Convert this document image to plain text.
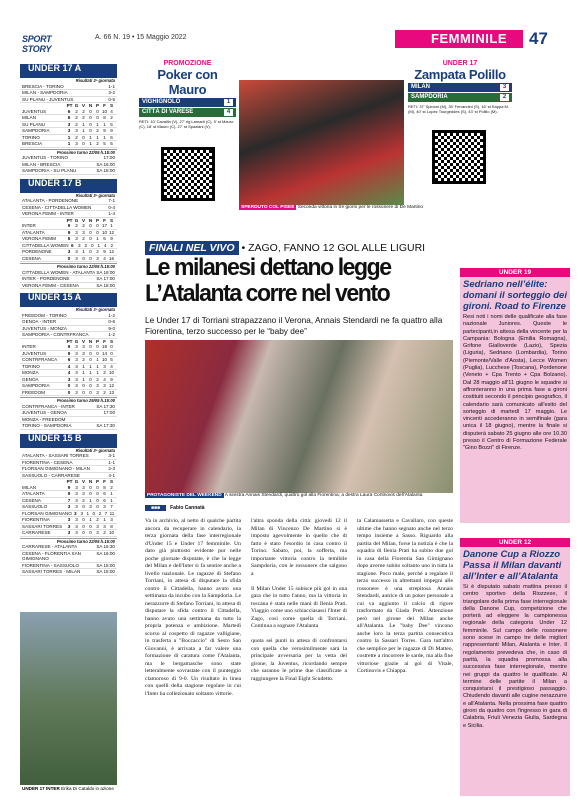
SPORT STORY
A. 66 N. 19 • 15 Maggio 2022	FEMMINILE	47
UNDER 17 A
Risultati 3ª giornata
BRESCIA - TORINO	1-1
MILAN - SAMPDORIA	3-2
SU PLANU - JUVENTUS	0-5
PT G V N P F S
JUVENTUS	6	2 2 0 0 10 4
MILAN	6	2 2 0 0 8 2
SU PLANU	3	2 1 0 1 1 5
SAMPDORIA	3	3 1 0 2 9 9
TORINO	1	2 0 1 1 1 6
BRESCIA	1	3 0 1 2 5 5
Prossimo turno 22/05 h.15:00
JUVENTUS - TORINO	17:00
MILAN - BRESCIA	SA 16:00
SAMPDORIA - SU PLANU	SA 15:00
UNDER 17 B
Risultati 3ª giornata
ATALANTA - PORDENONE	7-1
CESENA - CITTADELLA WOMEN	0-4
VERONA FEMM - INTER	1-4
PT G V N P F S
INTER	9	2 2 0 0 17 1
ATALANTA	9	3 3 0 0 10 12
VERONA FEMM	6	3 2 0 1 6 9
CITTADELLA WOMEN 6 3 2 0 1 4 2
PORDENONE	3	3 1 0 2 9 12
CESENA	0	3 0 0 3 4 16
Prossimo turno 22/05 h.15:00
CITTADELLA WOMEN - ATALANTA SA 18:00
INTER - PORDENONE	SA 17:00
VERONA FEMM - CESENA	SA 18:00
UNDER 15 A
Risultati 3ª giornata
FREEDOM - TORINO	1-2
GENOA - INTER	0-6
JUVENTUS - MONZA	9-0
SAMPDORIA - CONTRFRANCA	1-2
PT G V N P F S
INTER	9	3 3 0 0 19 0
JUVENTUS	9	3 3 0 0 14 0
CONTRFRANCA	6	3 2 0 1 10 5
TORINO	4	3 1 1 1 3 4
MONZA	4	3 1 1 1 2 10
GENOA	3	3 1 0 2 4 9
SAMPDORIA	0	3 0 0 3 3 12
FREEDOM	0	3 0 0 3 2 13
Prossimo turno 29/05 h.15:00
CONTRFRANCA - INTER	SA 17:30
JUVENTUS - GENOA	17:00
MONZA - FREEDOM
TORINO - SAMPDORIA	SA 17:30
UNDER 15 B
Risultati 3ª giornata
ATALANTA - SASSARI TORRES	3-1
FIORENTINA - CESENA	1-1
FLORSAN GIMIGNANO - MILAN	2-3
SASSUOLO - CARRARESE	4-1
PT G V N P F S
MILAN	9	3 3 0 0 8 2
ATALANTA	9	3 3 0 0 6 1
CESENA	7	3 2 1 0 6 1
SASSUOLO	3	3 0 3 0 3 7
FLORSAN GIMIGNANO 3 3 1 0 2 7 11
FIORENTINA	3	3 0 1 2 1 3
SASSARI TORRES	3	3 0 0 3 3 8
CARRARESE	3	3 0 0 3 2 10
Prossimo turno 22/05 h.15:00
CARRARESE - ATALANTA	SA 16:30
CESENA - FLORENTIA SAN GIMIGNANO
SA 16:00
FIORENTINA - SASSUOLO	SA 15:00
SASSARI TORRES - MILAN	SA 15:00
UNDER 17 INTER Erika Di Cataldo in azione
PROMOZIONE
Poker con Mauro
VIGHIGNOLO	1
CITTÀ DI VARESE	4
RETI: 10' Cavallin (V), 27' rig Lamarti (C), 5' st Mauro (C), 18' st Mauro (C), 27' st Spaziani (V).
SPERDUTO COL PISEE Seconda vittoria in tre giorni per le rossonere di De Martino
UNDER 17
Zampata Polillo
MILAN	3
SAMPDORIA	2
RETI: 37' Spinoni (M), 39' Ferrannini (S), 16' st Kappa M. (M), 40' st Lopez Tourgeddes (S), 43' st Polillo (M).
FINALI NEL VIVO • ZAGO, FANNO 12 GOL ALLE LIGURI
Le milanesi dettano legge L’Atalanta corre nel vento
Le Under 17 di Torriani strapazzano il Verona, Annais Stendardi ne fa quattro alla Fiorentina, terzo successo per le “baby dee”
PROTAGONISTE DEL WEEKEND A sinistra Annais Stendardi, quattro gol alla Fiorentina; a destra Laura Cortinovis dell’Atalanta
■■■ Fabio Cannatà
Va in archivio, al netto di qualche partita ancora da recuperare in calendario, la terza giornata della fase interregionale d'Under 15 e Under 17 femminile. Un dato già piuttosto evidente pur nelle poche giornate disputate, è che la legge del Milan e dell'Inter si fa sentire anche a livello nazionale. Le ragazze di Stefano Torriani, in attesa di disputare la sfida contro il Cittadella, hanno avuto una settimana da incubo con la Sampdoria. Le nerazzurre di Stefano Torriani, in attesa di disputare la sfida contro il Cittadella, hanno avuto una settimana da tutto la propria potenza e ambizione. Martedì scorso al cospetto di ragazze valligiane, in trasferta a "Boccaccio" di Sesto San Giovanni, è arrivata a far valere una formazione di caratura come l'Atalanta, ma le bergamasche sono state letteralmente sovrastate con il punteggio clamoroso di 9-0. Un risultato in linea con quelli della stagione regolare in cui l'Inter ha collezionato soltanto vittorie.
l'altra sponda della città: giovedì 12 il Milan di Vincenzo De Martino si è imposto agevolmente in quello che di fatto è stato l'esordio in casa contro il Torino. Sabato, poi, la sofferta, ma importante vittoria contro la temibile Sampdoria, con le rossonere che salgono a

Il Milan Under 15 subisce più gol in una gara che in tutto l'anno, ma la vittoria in toscana è stata nelle mani di Ilenia Prati. Viaggio come uno schiacciasassi l'Inter di Zago, così come quella di Torriani. Continua a sognare l'Atalanta

quota sei punti in attesa di confrontarsi con quella che verosimilmente sarà la principale avversaria per la vetta del girone, la Juventus, ricordando sempre che saranno le prime due classificate a raggiungere la Final Eight Scudetto.
ta Calamassetta e Cavallaro, con queste ultime che hanno segnato anche nel terzo tempo insieme a Sasso. Riguardo alla partita del Milan, forse la notizia è che la squadra di Ilenia Prati ha subito due gol in casa della Florentia San Gimignano dopo averne subito soltanto uno in tutta la stagione. Poco male, perché a regalare il terzo successo in altrettanti impegni alle rossonere è una strepitosa Annais Stendardi, autrice di un poker personale a cui va aggiunto il calcio di rigore trasformato da Giada Preti. Attenzione però nel girone del Milan anche all'Atalanta. Le "baby Dee" vincono anche loro la terza partita consecutiva contro la Sassari Torres. Gara tutt'altro che semplice per le ragazze di Di Matteo, costrette a rincorrere le sarde, ma alla fine vittoriose grazie ai gol di Vitale, Cortinovis e Chiappa.
UNDER 19
Sedriano nell’élite: domani il sorteggio dei gironi. Road to Firenze
Resi noti i nomi delle qualificate alla fase nazionale Juniores. Queste le partecipanti,in attesa della vincente per la Campania: Bologna (Emilia Romagna), Grifone Gialloverde (Lazio), Spezia (Liguria), Sedriano (Lombardia), Torino (Piemonte/Valle d'Aosta), Lecce Women (Puglia), Lucchese (Toscana), Pordenone (Veneto + Cpa Trento + Cpa Bolzano). Dal 28 maggio all'11 giugno le squadre si affronteranno in una prima fase a gironi costituiti secondo il principio geografico, il calendario sarà comunicato all'esito del sorteggio di martedì 17 maggio. Le vincenti accederanno in semifinale (gara unica il 18 giugno), mentre la finale si disputerà sabato 25 giugno alle ore 10.30 presso il Centro di Formazione Federale "Gino Bozzi" di Firenze.
UNDER 12
Danone Cup a Riozzo Passa il Milan davanti all’Inter e all’Atalanta
Si è disputato sabato mattina presso il centro sportivo della Riozzese, il triangolare della prima fase interregionale della Danone Cup, competizione che porterà ad eleggere la campionessa regionale della categoria Under 12 femminile. Sul campo delle rossonere sono scese in campo tre delle migliori rappresentanti Milan, Atalanta e Inter. Il regolamento prevedeva che, in caso di parità, la squadra promossa alla successiva fase interregionale, mentre nei gruppi da quattro le qualificate. Al termine delle partite il Milan a conquistarsi il prestigioso passaggio. Chiudendo davanti alle cugine nerazzurre e all'Atalanta. Nella prossima fase quattro gironi da quattro con l'ingresso in gara di Calabria, Friuli Venezia Giulia, Sardegna e Sicilia.
